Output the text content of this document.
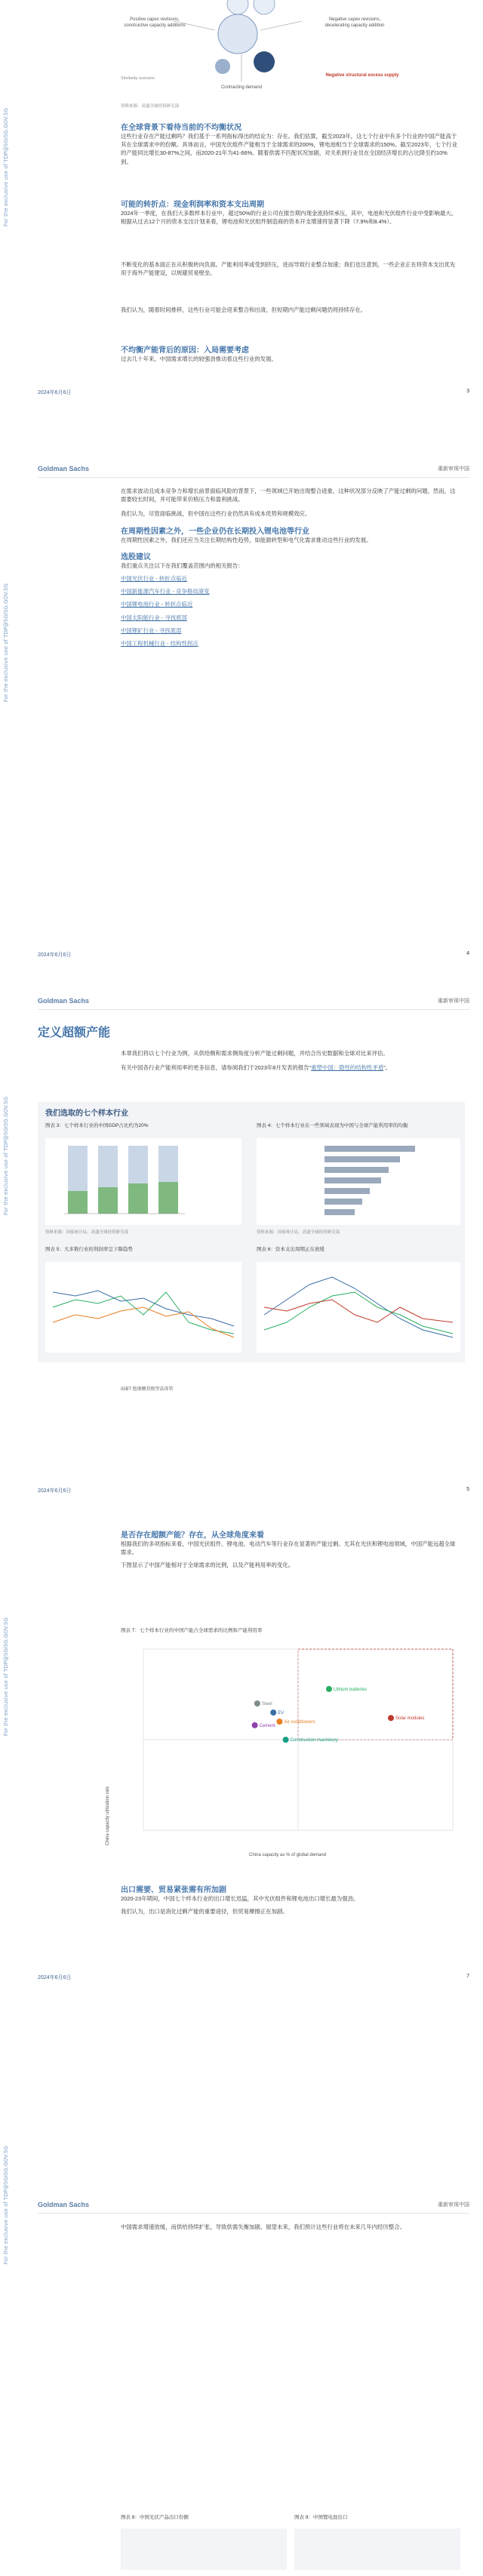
For the exclusive use of TDP@SGISG.GOV.SG
For the exclusive use of TDP@SGISG.GOV.SG
For the exclusive use of TDP@SGISG.GOV.SG
For the exclusive use of TDP@SGISG.GOV.SG
For the exclusive use of TDP@SGISG.GOV.SG
Positive capex revisions, constructive capacity additions
Negative capex revisions, decelerating capacity addition
Contracting demand
Negative structural excess supply
Similarity scenario
资料来源：高盛全球投资研究部

在全球背景下看待当前的不均衡状况

这些行业存在产能过剩吗？我们基于一系列指标得出的结论为：存在。我们估算，截至2023年，这七个行业中有多个行业的中国产能高于其在全球需求中的份额。具体而言，中国光伏组件产能相当于全球需求的200%，锂电池相当于全球需求的150%。截至2023年，七个行业的产能同比增长30-87%之间，而2020-21年为41-66%。随着供需不匹配状况加剧，对关系到行业员在全国经济增长的占比降至约10%到。

可能的转折点：现金利润率和资本支出周期

2024年一季度，在我们大多数样本行业中，超过50%的行业公司在报告期内现金流持续承压，其中，电池和光伏组件行业中受影响最大。根据从过去12个月的资本支出计划来看，锂电池和光伏组件制造商的资本开支增速将显著下降（7.9%和8.4%）。

不断变化的基本面正在从积极转向负面。产能利用率或受到挤压，进而导致行业整合加速；我们也注意到，一些企业正在将资本支出优先用于海外产能建设，以规避贸易壁垒。

我们认为，随着时间推移，这些行业可能会迎来整合和出清，但短期内产能过剩问题仍将持续存在。

不均衡产能背后的原因：入局需要考虑

过去几十年来，中国需求增长的较强劲推动着这些行业的发展。

2024年6月6日	3
Goldman Sachs	重新审视中国

在需求波动且成本竞争力和增长前景面临风险的背景下，一些领域已开始出现整合迹象，这种状况部分反映了产能过剩的问题。然而，这需要较长时间，并可能带来价格压力和盈利挑战。

我们认为，尽管面临挑战，但中国在这些行业仍然具有成本优势和规模效应。

在周期性因素之外，一些企业仍在长期投入锂电池等行业

在周期性因素之外，我们还应当关注长期结构性趋势，如能源转型和电气化需求推动这些行业的发展。

选股建议

我们重点关注以下在我们覆盖范围内的相关报告：

中国光伏行业 - 转折点临近

中国新能源汽车行业 - 竞争格局演变

中国锂电池行业 - 转折点临近

中国太阳能行业 - 寻找底部

中国锂矿行业 - 寻找底部

中国工程机械行业 - 结构性拐点

2024年6月6日	4
Goldman Sachs	重新审视中国
定义超额产能

本章我们将以七个行业为例，从供给侧和需求侧角度分析产能过剩问题，并结合历史数据和全球对比来评估。

有关中国各行业产能利用率的更多信息，请参阅我们于2023年8月发表的报告“重塑中国：隐性的结构性矛盾”。

我们选取的七个样本行业
图表 3：七个样本行业的中国GDP占比约为20%	图表 4：七个样本行业在一些领域表现为中国与全球产能利用率的均衡
资料来源：国家统计局，高盛全球投资研究部	资料来源：国家统计局，高盛全球投资研究部
图表 5：大多数行业的利润率呈下降趋势	图表 6：资本支出周期正在放缓
IGBT 绝缘栅双极型晶体管
2024年6月6日	5

是否存在超额产能？存在，从全球角度来看

根据我们的多项指标来看，中国光伏组件、锂电池、电动汽车等行业存在显著的产能过剩。尤其在光伏和锂电池领域，中国产能远超全球需求。

下图显示了中国产能相对于全球需求的比例，以及产能利用率的变化。

图表 7：七个样本行业的中国产能占全球需求的比例和产能利用率
Solar modules
Lithium batteries
EV
Air conditioners
Steel
Cement
Construction machinery
China capacity as % of global demand
China capacity utilization rate

出口需要、贸易紧张需有所加剧

2020-23年期间，中国七个样本行业的出口增长迅猛，其中光伏组件和锂电池出口增长最为强劲。

我们认为，出口是消化过剩产能的重要途径，但贸易摩擦正在加剧。

2024年6月6日	7
Goldman Sachs	重新审视中国

中国需求增速放缓，而供给持续扩张，导致供需失衡加剧。展望未来，我们预计这些行业将在未来几年内经历整合。

图表 8：中国光伏产品出口份额	图表 9：中国锂电池出口
